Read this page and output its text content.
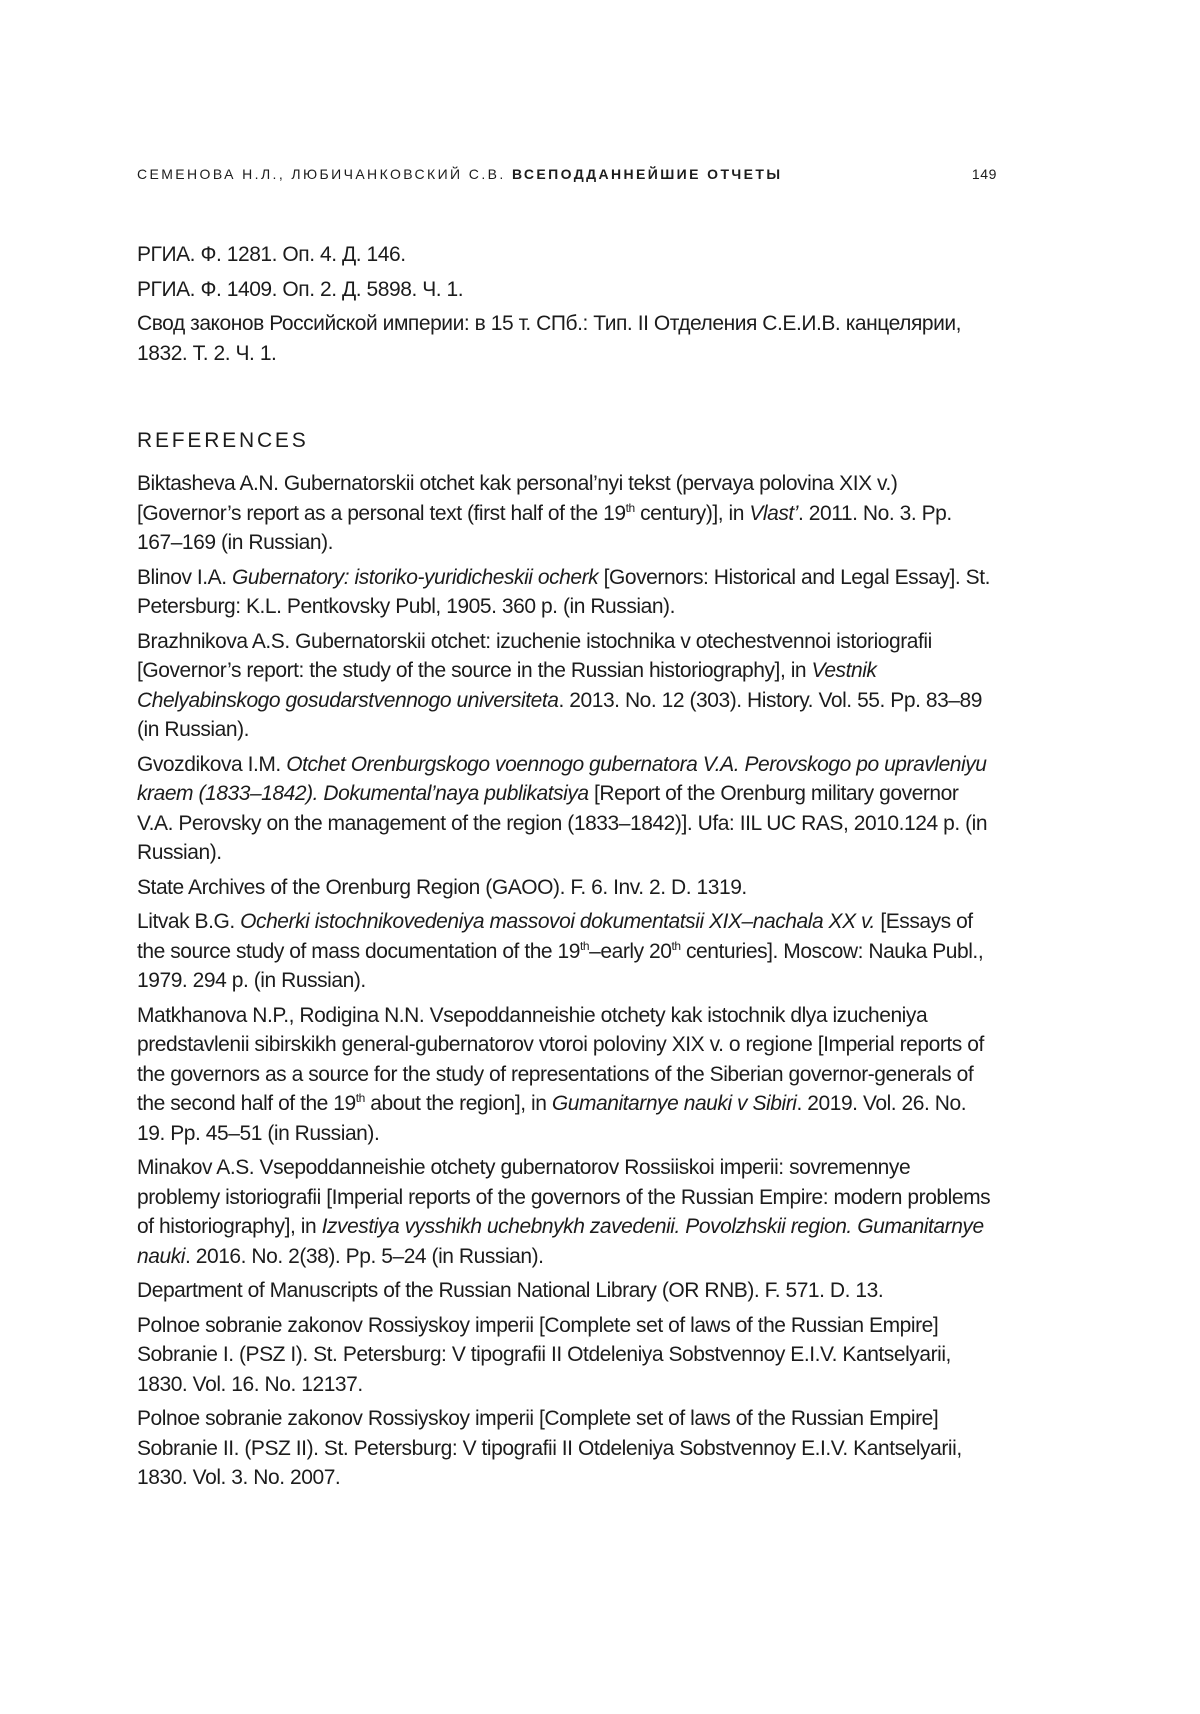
СЕМЕНОВА Н.Л., ЛЮБИЧАНКОВСКИЙ С.В. ВСЕПОДДАННЕЙШИЕ ОТЧЕТЫ	149

РГИА. Ф. 1281. Оп. 4. Д. 146.

РГИА. Ф. 1409. Оп. 2. Д. 5898. Ч. 1.

Свод законов Российской империи: в 15 т. СПб.: Тип. II Отделения С.Е.И.В. канцелярии, 1832. Т. 2. Ч. 1.

REFERENCES

Biktasheva A.N. Gubernatorskii otchet kak personal’nyi tekst (pervaya polovina XIX v.) [Governor’s report as a personal text (first half of the 19th century)], in Vlast’. 2011. No. 3. Pp. 167–169 (in Russian).

Blinov I.A. Gubernatory: istoriko-yuridicheskii ocherk [Governors: Historical and Legal Essay]. St. Petersburg: K.L. Pentkovsky Publ, 1905. 360 p. (in Russian).

Brazhnikova A.S. Gubernatorskii otchet: izuchenie istochnika v otechestvennoi istoriografii [Governor’s report: the study of the source in the Russian historiography], in Vestnik Chelyabinskogo gosudarstvennogo universiteta. 2013. No. 12 (303). History. Vol. 55. Pp. 83–89 (in Russian).

Gvozdikova I.M. Otchet Orenburgskogo voennogo gubernatora V.A. Perovskogo po upravleniyu kraem (1833–1842). Dokumental’naya publikatsiya [Report of the Orenburg military governor V.A. Perovsky on the management of the region (1833–1842)]. Ufa: IIL UC RAS, 2010.124 p. (in Russian).

State Archives of the Orenburg Region (GAOO). F. 6. Inv. 2. D. 1319.

Litvak B.G. Ocherki istochnikovedeniya massovoi dokumentatsii XIX–nachala XX v. [Essays of the source study of mass documentation of the 19th–early 20th centuries]. Moscow: Nauka Publ., 1979. 294 p. (in Russian).

Matkhanova N.P., Rodigina N.N. Vsepoddanneishie otchety kak istochnik dlya izucheniya predstavlenii sibirskikh general-gubernatorov vtoroi poloviny XIX v. o regione [Imperial reports of the governors as a source for the study of representations of the Siberian governor-generals of the second half of the 19th about the region], in Gumanitarnye nauki v Sibiri. 2019. Vol. 26. No. 19. Pp. 45–51 (in Russian).

Minakov A.S. Vsepoddanneishie otchety gubernatorov Rossiiskoi imperii: sovremennye problemy istoriografii [Imperial reports of the governors of the Russian Empire: modern problems of historiography], in Izvestiya vysshikh uchebnykh zavedenii. Povolzhskii region. Gumanitarnye nauki. 2016. No. 2(38). Pp. 5–24 (in Russian).

Department of Manuscripts of the Russian National Library (OR RNB). F. 571. D. 13.

Polnoe sobranie zakonov Rossiyskoy imperii [Complete set of laws of the Russian Empire] Sobranie I. (PSZ I). St. Petersburg: V tipografii II Otdeleniya Sobstvennoy E.I.V. Kantselyarii, 1830. Vol. 16. No. 12137.

Polnoe sobranie zakonov Rossiyskoy imperii [Complete set of laws of the Russian Empire] Sobranie II. (PSZ II). St. Petersburg: V tipografii II Otdeleniya Sobstvennoy E.I.V. Kantselyarii, 1830. Vol. 3. No. 2007.
